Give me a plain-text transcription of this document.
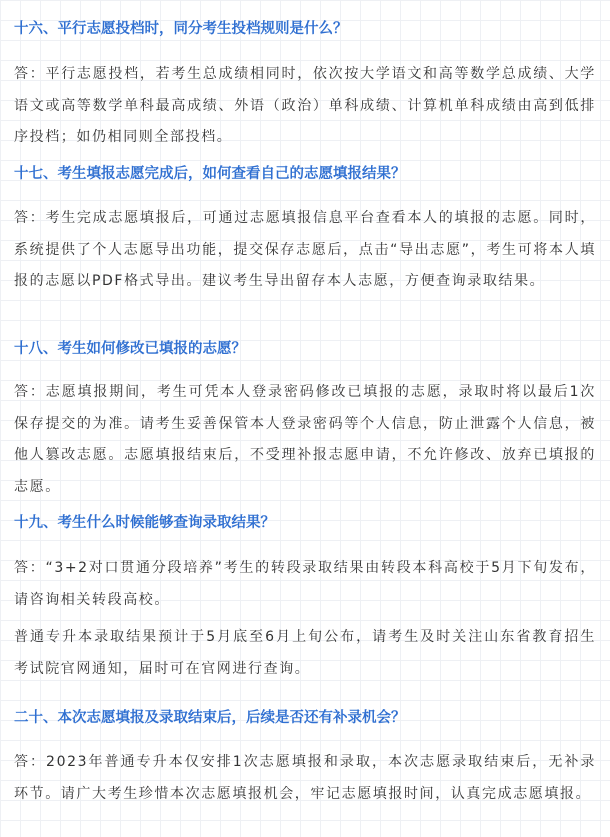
十六、平行志愿投档时，同分考生投档规则是什么？

答：平行志愿投档，若考生总成绩相同时，依次按大学语文和高等数学总成绩、大学语文或高等数学单科最高成绩、外语（政治）单科成绩、计算机单科成绩由高到低排序投档；如仍相同则全部投档。

十七、考生填报志愿完成后，如何查看自己的志愿填报结果？

答：考生完成志愿填报后，可通过志愿填报信息平台查看本人的填报的志愿。同时，系统提供了个人志愿导出功能，提交保存志愿后，点击“导出志愿”，考生可将本人填报的志愿以PDF格式导出。建议考生导出留存本人志愿，方便查询录取结果。

十八、考生如何修改已填报的志愿？

答：志愿填报期间，考生可凭本人登录密码修改已填报的志愿，录取时将以最后1次保存提交的为准。请考生妥善保管本人登录密码等个人信息，防止泄露个人信息，被他人篡改志愿。志愿填报结束后，不受理补报志愿申请，不允许修改、放弃已填报的志愿。

十九、考生什么时候能够查询录取结果？

答：“3+2对口贯通分段培养”考生的转段录取结果由转段本科高校于5月下旬发布，请咨询相关转段高校。

普通专升本录取结果预计于5月底至6月上旬公布，请考生及时关注山东省教育招生考试院官网通知，届时可在官网进行查询。

二十、本次志愿填报及录取结束后，后续是否还有补录机会？

答：2023年普通专升本仅安排1次志愿填报和录取，本次志愿录取结束后，无补录环节。请广大考生珍惜本次志愿填报机会，牢记志愿填报时间，认真完成志愿填报。
